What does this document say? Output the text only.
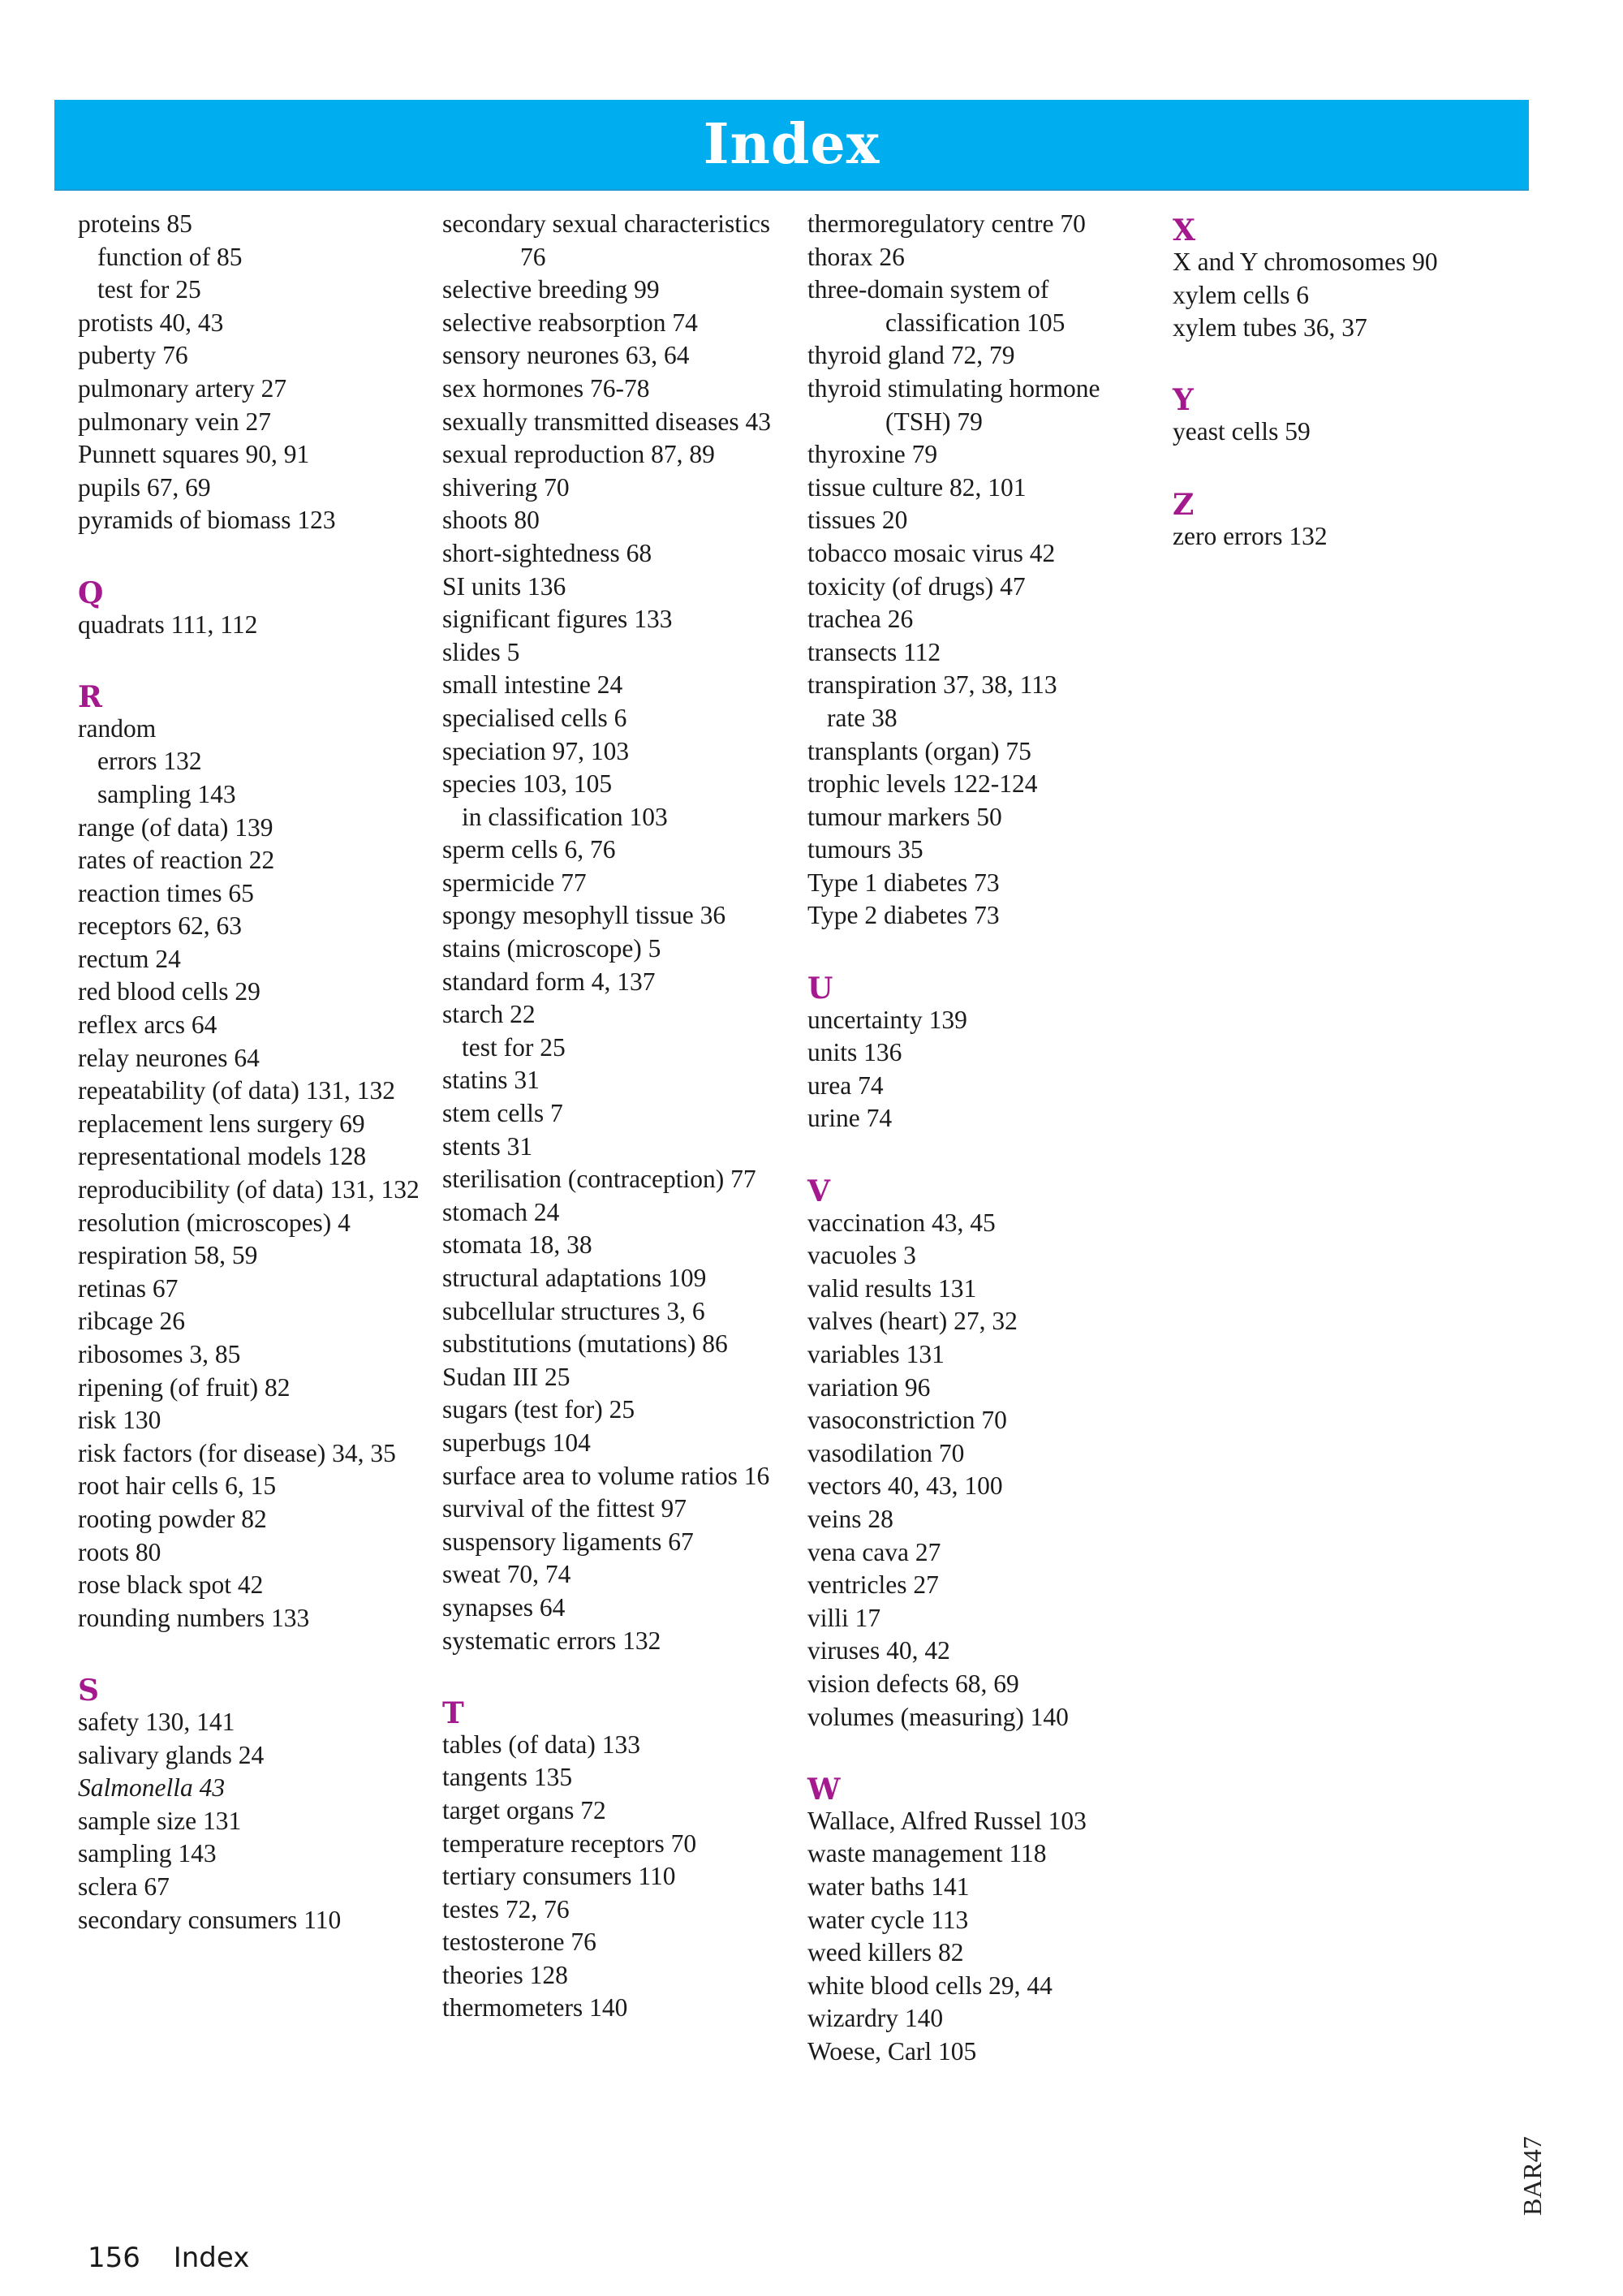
Index
proteins 85
function of 85
test for 25
protists 40, 43
puberty 76
pulmonary artery 27
pulmonary vein 27
Punnett squares 90, 91
pupils 67, 69
pyramids of biomass 123
Q
quadrats 111, 112
R
random
errors 132
sampling 143
range (of data) 139
rates of reaction 22
reaction times 65
receptors 62, 63
rectum 24
red blood cells 29
reflex arcs 64
relay neurones 64
repeatability (of data) 131, 132
replacement lens surgery 69
representational models 128
reproducibility (of data) 131, 132
resolution (microscopes) 4
respiration 58, 59
retinas 67
ribcage 26
ribosomes 3, 85
ripening (of fruit) 82
risk 130
risk factors (for disease) 34, 35
root hair cells 6, 15
rooting powder 82
roots 80
rose black spot 42
rounding numbers 133
S
safety 130, 141
salivary glands 24
Salmonella 43
sample size 131
sampling 143
sclera 67
secondary consumers 110
secondary sexual characteristics 76
selective breeding 99
selective reabsorption 74
sensory neurones 63, 64
sex hormones 76-78
sexually transmitted diseases 43
sexual reproduction 87, 89
shivering 70
shoots 80
short-sightedness 68
SI units 136
significant figures 133
slides 5
small intestine 24
specialised cells 6
speciation 97, 103
species 103, 105
in classification 103
sperm cells 6, 76
spermicide 77
spongy mesophyll tissue 36
stains (microscope) 5
standard form 4, 137
starch 22
test for 25
statins 31
stem cells 7
stents 31
sterilisation (contraception) 77
stomach 24
stomata 18, 38
structural adaptations 109
subcellular structures 3, 6
substitutions (mutations) 86
Sudan III 25
sugars (test for) 25
superbugs 104
surface area to volume ratios 16
survival of the fittest 97
suspensory ligaments 67
sweat 70, 74
synapses 64
systematic errors 132
T
tables (of data) 133
tangents 135
target organs 72
temperature receptors 70
tertiary consumers 110
testes 72, 76
testosterone 76
theories 128
thermometers 140
thermoregulatory centre 70
thorax 26
three-domain system of classification 105
thyroid gland 72, 79
thyroid stimulating hormone (TSH) 79
thyroxine 79
tissue culture 82, 101
tissues 20
tobacco mosaic virus 42
toxicity (of drugs) 47
trachea 26
transects 112
transpiration 37, 38, 113
rate 38
transplants (organ) 75
trophic levels 122-124
tumour markers 50
tumours 35
Type 1 diabetes 73
Type 2 diabetes 73
U
uncertainty 139
units 136
urea 74
urine 74
V
vaccination 43, 45
vacuoles 3
valid results 131
valves (heart) 27, 32
variables 131
variation 96
vasoconstriction 70
vasodilation 70
vectors 40, 43, 100
veins 28
vena cava 27
ventricles 27
villi 17
viruses 40, 42
vision defects 68, 69
volumes (measuring) 140
W
Wallace, Alfred Russel 103
waste management 118
water baths 141
water cycle 113
weed killers 82
white blood cells 29, 44
wizardry 140
Woese, Carl 105
X
X and Y chromosomes 90
xylem cells 6
xylem tubes 36, 37
Y
yeast cells 59
Z
zero errors 132
156 Index
BAR47
